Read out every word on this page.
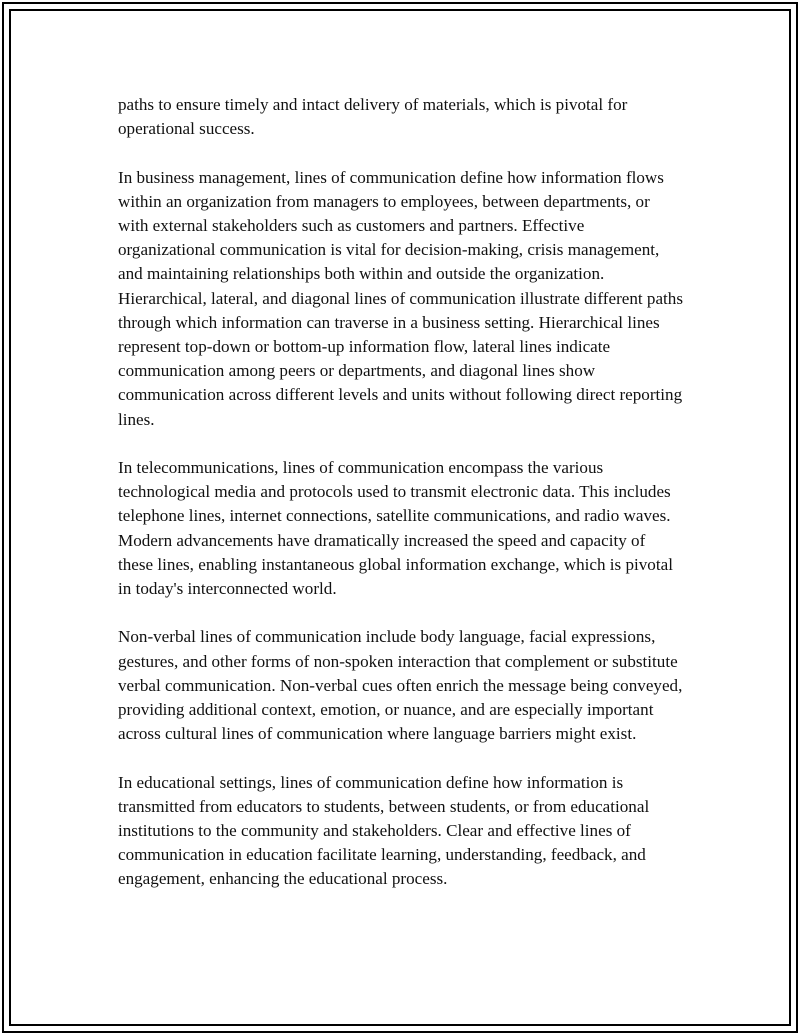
paths to ensure timely and intact delivery of materials, which is pivotal for operational success.

In business management, lines of communication define how information flows within an organization from managers to employees, between departments, or with external stakeholders such as customers and partners. Effective organizational communication is vital for decision-making, crisis management, and maintaining relationships both within and outside the organization. Hierarchical, lateral, and diagonal lines of communication illustrate different paths through which information can traverse in a business setting. Hierarchical lines represent top-down or bottom-up information flow, lateral lines indicate communication among peers or departments, and diagonal lines show communication across different levels and units without following direct reporting lines.

In telecommunications, lines of communication encompass the various technological media and protocols used to transmit electronic data. This includes telephone lines, internet connections, satellite communications, and radio waves. Modern advancements have dramatically increased the speed and capacity of these lines, enabling instantaneous global information exchange, which is pivotal in today's interconnected world.

Non-verbal lines of communication include body language, facial expressions, gestures, and other forms of non-spoken interaction that complement or substitute verbal communication. Non-verbal cues often enrich the message being conveyed, providing additional context, emotion, or nuance, and are especially important across cultural lines of communication where language barriers might exist.

In educational settings, lines of communication define how information is transmitted from educators to students, between students, or from educational institutions to the community and stakeholders. Clear and effective lines of communication in education facilitate learning, understanding, feedback, and engagement, enhancing the educational process.
